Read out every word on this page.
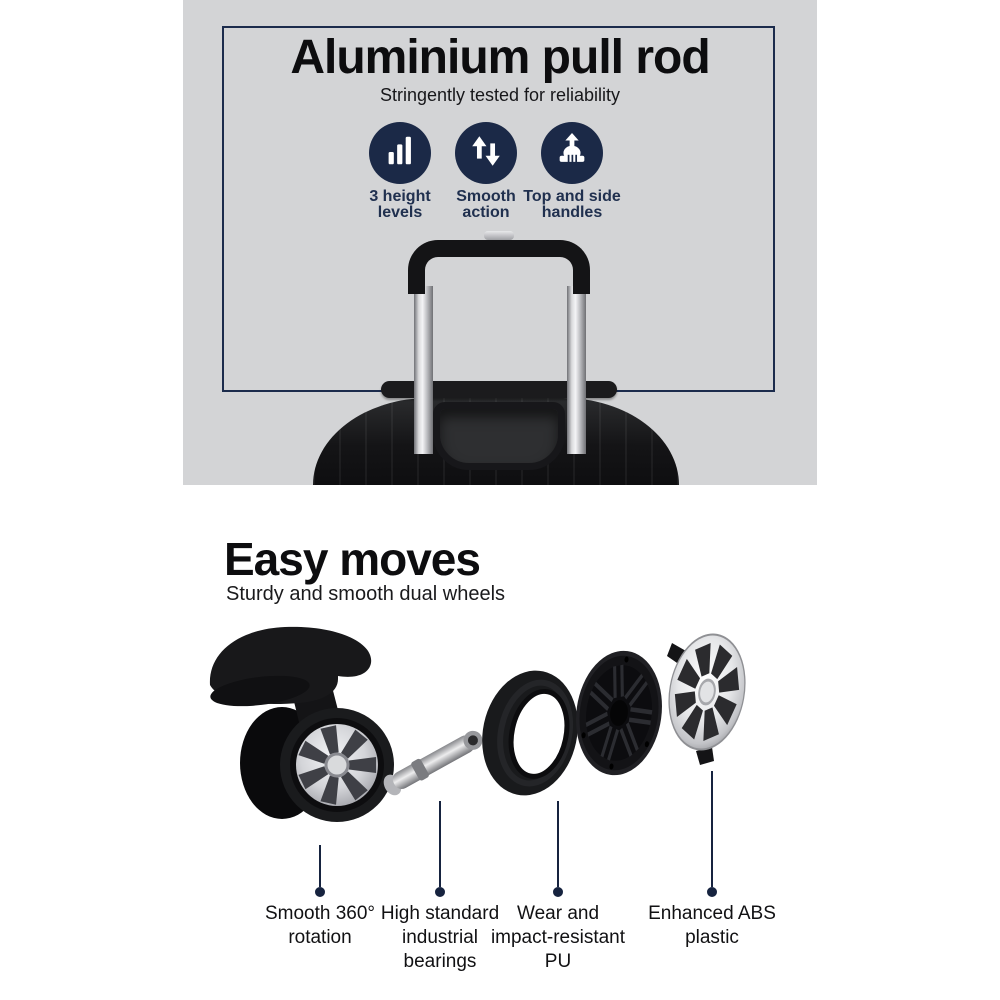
Aluminium pull rod

Stringently tested for reliability

3 height
levels
Smooth
action
Top and side
handles
Easy moves

Sturdy and smooth dual wheels

Smooth 360°
rotation
High standard
industrial
bearings
Wear and
impact-resistant
PU
Enhanced ABS
plastic
